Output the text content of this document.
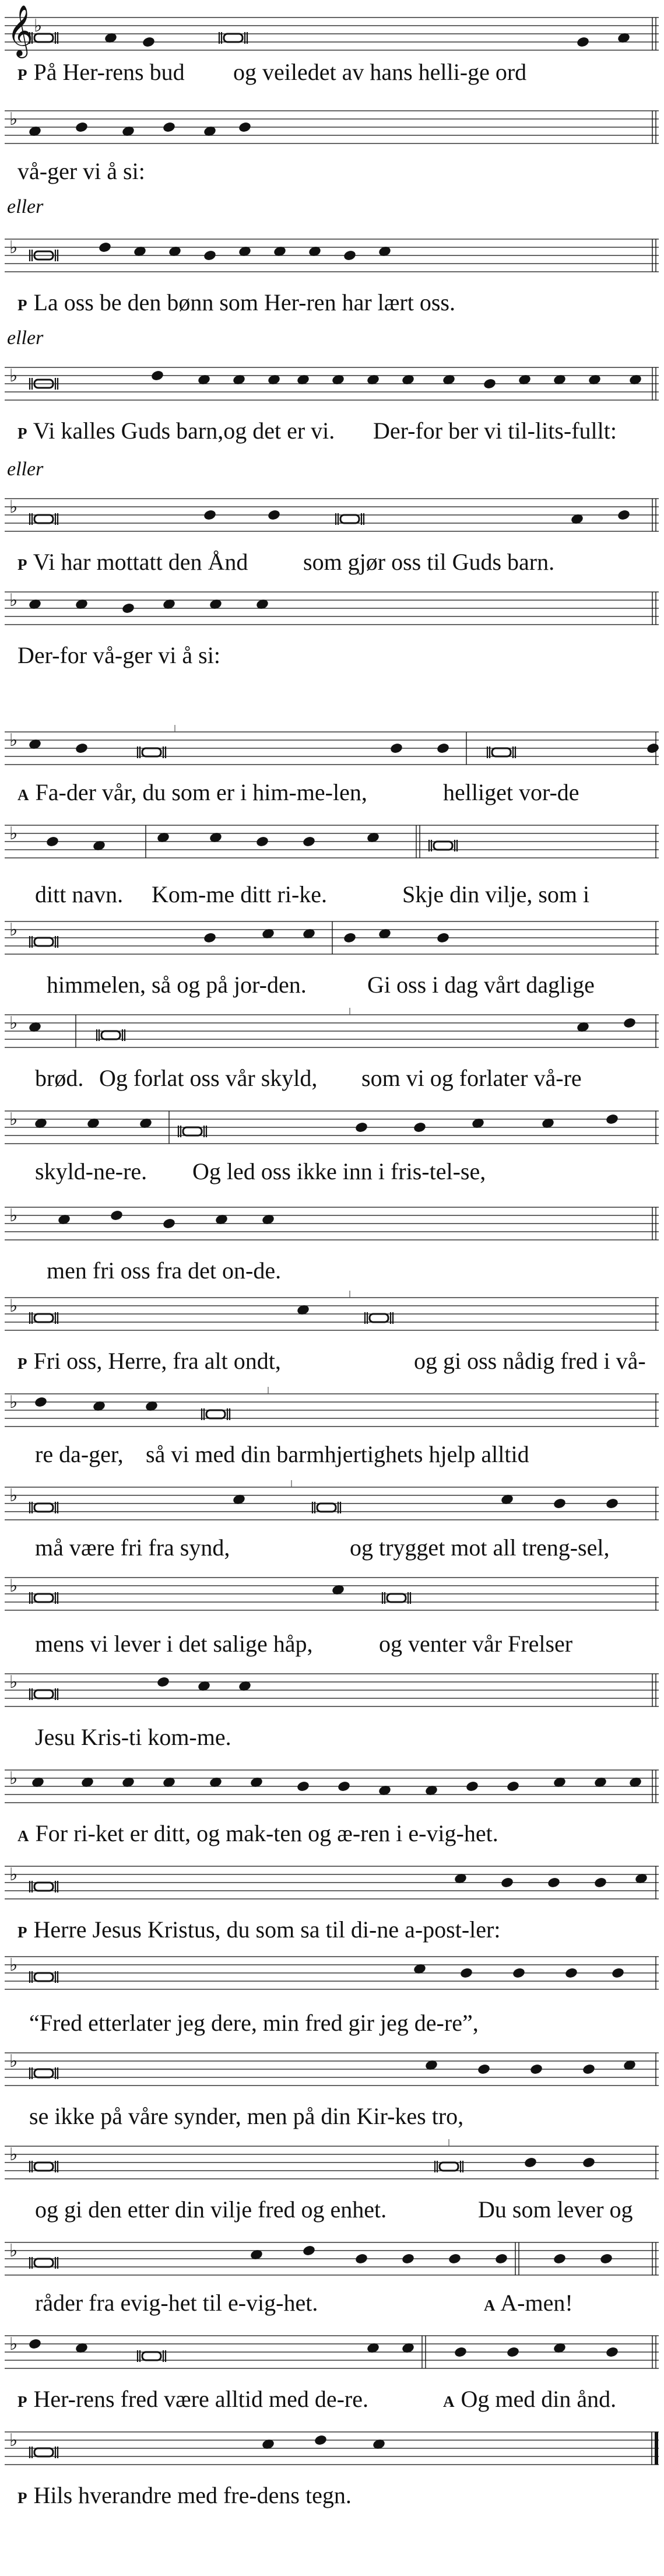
𝄞 ♭
P På Her-rens bud og veiledet av hans helli-ge ord
♭
vå-ger vi å si:
eller
♭
P La oss be den bønn som Her-ren har lært oss.
eller
♭
P Vi kalles Guds barn,og det er vi. Der-for ber vi til-lits-fullt:
eller
♭
P Vi har mottatt den Ånd som gjør oss til Guds barn.
♭
Der-for vå-ger vi å si:
♭
A Fa-der vår, du som er i him-me-len,	helliget vor-de
♭
ditt navn. Kom-me ditt ri-ke.	Skje din vilje, som i
♭
himmelen, så og på jor-den.	Gi oss i dag vårt daglige
♭
brød. Og forlat oss vår skyld, som vi og forlater vå-re
♭
skyld-ne-re. Og led oss ikke inn i fris-tel-se,
♭
men fri oss fra det on-de.
♭
P Fri oss, Herre, fra alt ondt,	og gi oss nådig fred i vå-
♭
re da-ger, så vi med din barmhjertighets hjelp alltid
♭
må være fri fra synd,	og trygget mot all treng-sel,
♭
mens vi lever i det salige håp,	og venter vår Frelser
♭
Jesu Kris-ti kom-me.
♭
A For ri-ket er ditt, og mak-ten og æ-ren i e-vig-het.
♭
P Herre Jesus Kristus, du som sa til di-ne a-post-ler:
♭
“Fred etterlater jeg dere, min fred gir jeg de-re”,
♭
se ikke på våre synder, men på din Kir-kes tro,
♭
og gi den etter din vilje fred og enhet.	Du som lever og
♭
råder fra evig-het til e-vig-het.	A A-men!
♭
P Her-rens fred være alltid med de-re.	A Og med din ånd.
♭
P Hils hverandre med fre-dens tegn.
